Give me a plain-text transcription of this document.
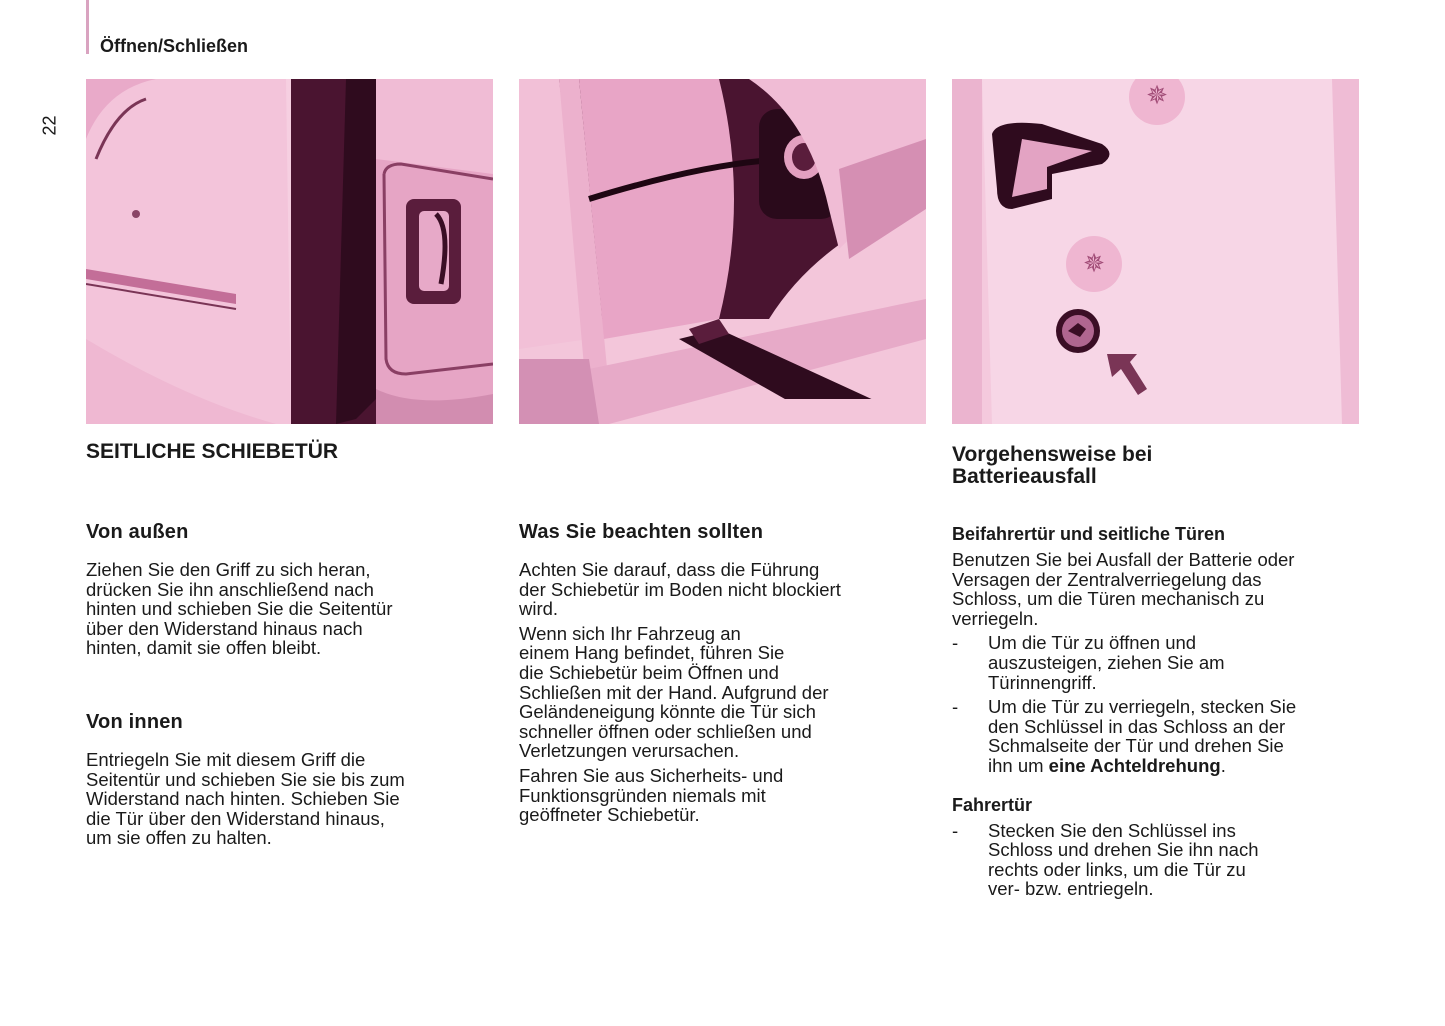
Öffnen/Schließen
22
✵
✵
SEITLICHE SCHIEBETÜR
Von außen

Ziehen Sie den Griff zu sich heran,

drücken Sie ihn anschließend nach

hinten und schieben Sie die Seitentür

über den Widerstand hinaus nach

hinten, damit sie offen bleibt.

Von innen

Entriegeln Sie mit diesem Griff die

Seitentür und schieben Sie sie bis zum

Widerstand nach hinten. Schieben Sie

die Tür über den Widerstand hinaus,

um sie offen zu halten.

Was Sie beachten sollten

Achten Sie darauf, dass die Führung

der Schiebetür im Boden nicht blockiert

wird.

Wenn sich Ihr Fahrzeug an

einem Hang befindet, führen Sie

die Schiebetür beim Öffnen und

Schließen mit der Hand. Aufgrund der

Geländeneigung könnte die Tür sich

schneller öffnen oder schließen und

Verletzungen verursachen.

Fahren Sie aus Sicherheits- und

Funktionsgründen niemals mit

geöffneter Schiebetür.

Vorgehensweise bei
Batterieausfall
Beifahrertür und seitliche Türen

Benutzen Sie bei Ausfall der Batterie oder

Versagen der Zentralverriegelung das

Schloss, um die Türen mechanisch zu

verriegeln.

- Um die Tür zu öffnen und

auszusteigen, ziehen Sie am

Türinnengriff.

- Um die Tür zu verriegeln, stecken Sie

den Schlüssel in das Schloss an der

Schmalseite der Tür und drehen Sie

ihn um eine Achteldrehung.

Fahrertür
- Stecken Sie den Schlüssel ins

Schloss und drehen Sie ihn nach

rechts oder links, um die Tür zu

ver- bzw. entriegeln.
